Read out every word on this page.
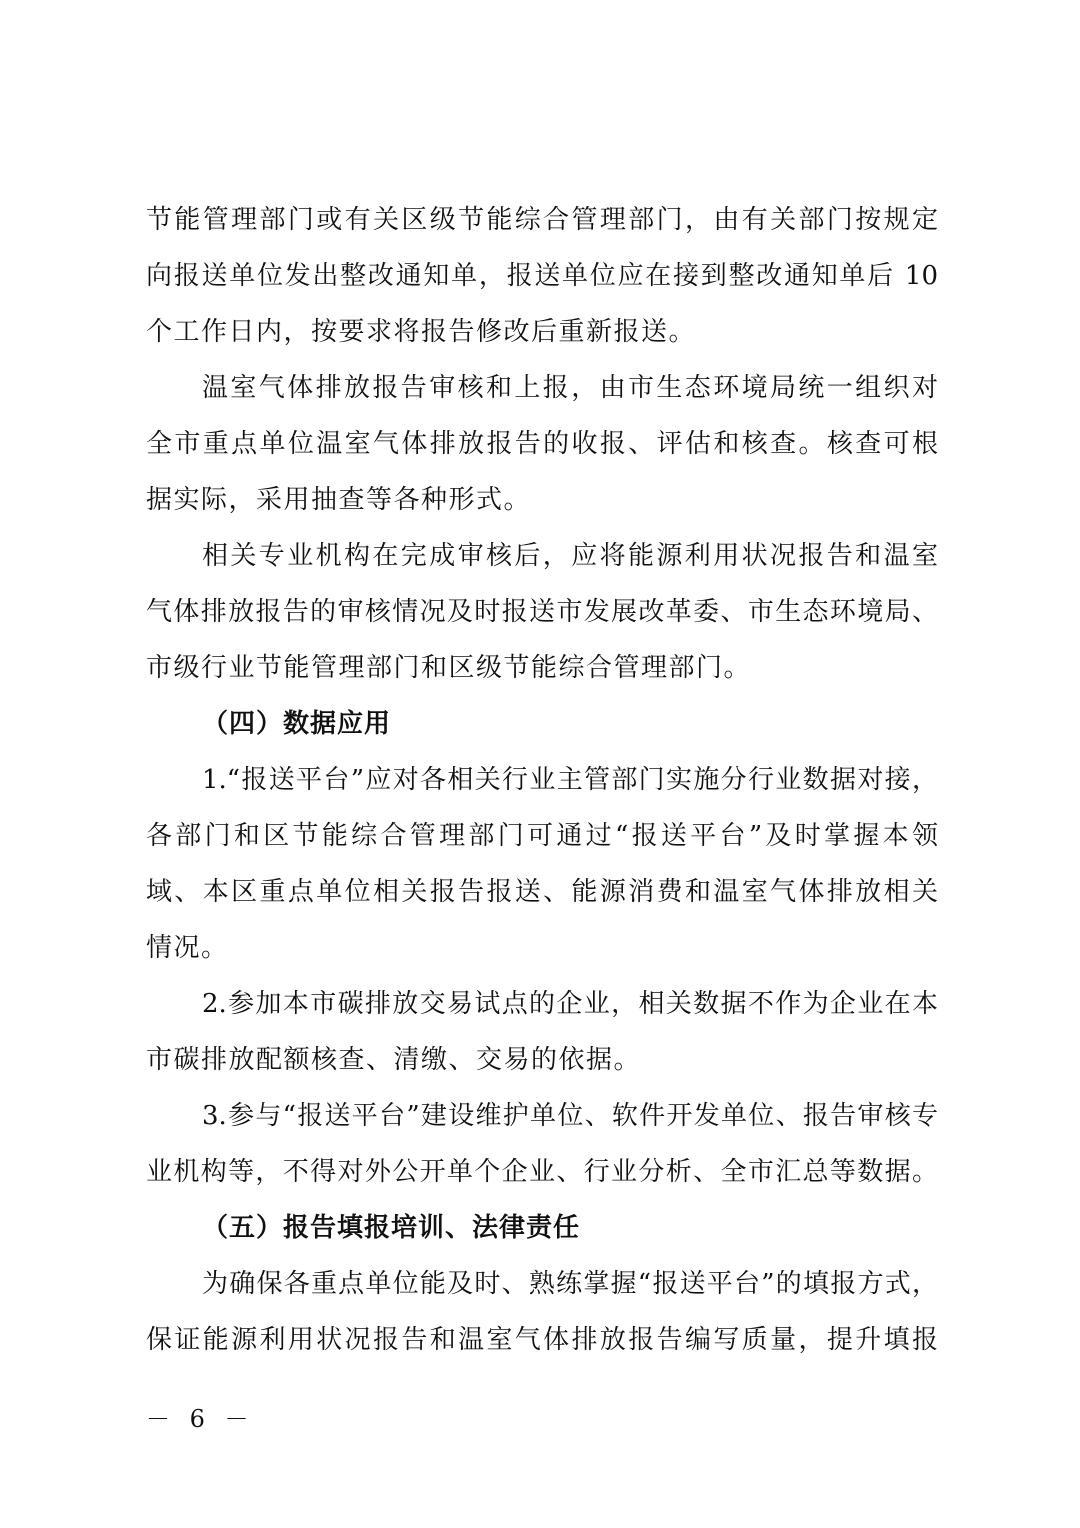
节能管理部门或有关区级节能综合管理部门，由有关部门按规定
向报送单位发出整改通知单，报送单位应在接到整改通知单后 10
个工作日内，按要求将报告修改后重新报送。
温室气体排放报告审核和上报，由市生态环境局统一组织对
全市重点单位温室气体排放报告的收报、评估和核查。核查可根
据实际，采用抽查等各种形式。
相关专业机构在完成审核后，应将能源利用状况报告和温室
气体排放报告的审核情况及时报送市发展改革委、市生态环境局、
市级行业节能管理部门和区级节能综合管理部门。
（四）数据应用
1.“报送平台”应对各相关行业主管部门实施分行业数据对接，
各部门和区节能综合管理部门可通过“报送平台”及时掌握本领
域、本区重点单位相关报告报送、能源消费和温室气体排放相关
情况。
2.参加本市碳排放交易试点的企业，相关数据不作为企业在本
市碳排放配额核查、清缴、交易的依据。
3.参与“报送平台”建设维护单位、软件开发单位、报告审核专
业机构等，不得对外公开单个企业、行业分析、全市汇总等数据。
（五）报告填报培训、法律责任
为确保各重点单位能及时、熟练掌握“报送平台”的填报方式，
保证能源利用状况报告和温室气体排放报告编写质量，提升填报
－ 6 －
